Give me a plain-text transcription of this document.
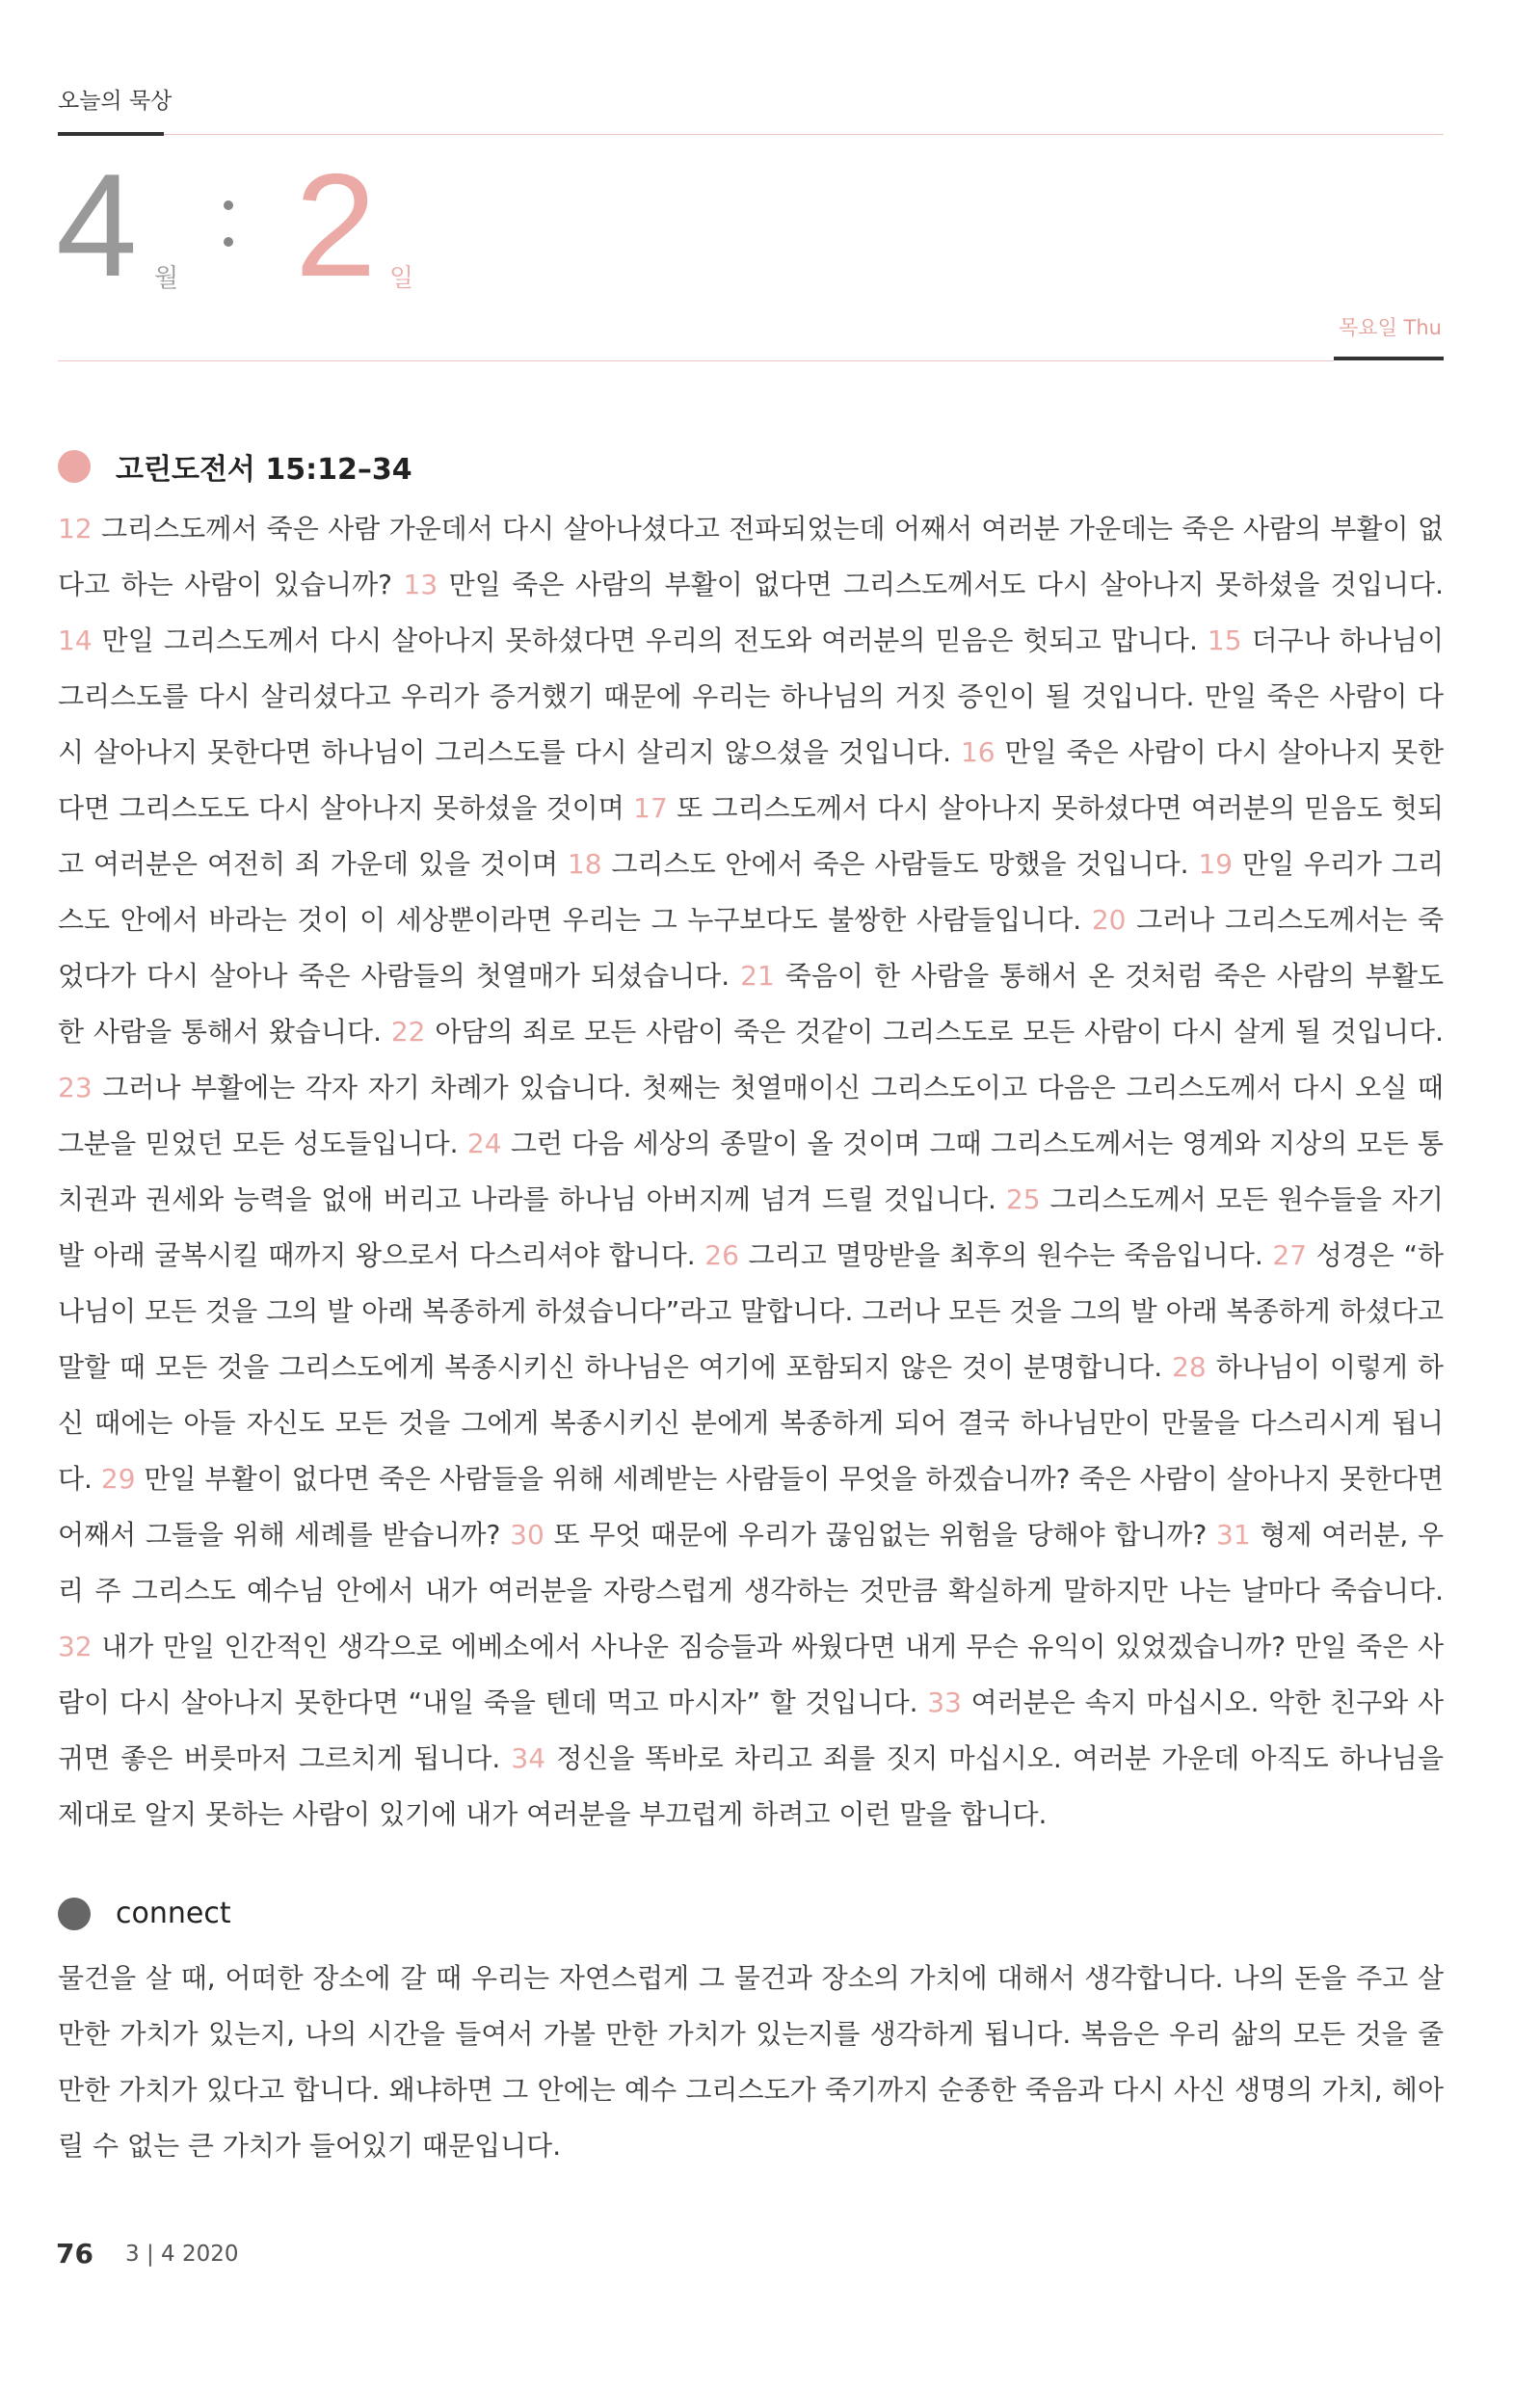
오늘의 묵상
4 월 2 일
목요일 Thu
고린도전서 15:12–34
12 그리스도께서 죽은 사람 가운데서 다시 살아나셨다고 전파되었는데 어째서 여러분 가운데는 죽은 사람의 부활이 없다고 하는 사람이 있습니까? 13 만일 죽은 사람의 부활이 없다면 그리스도께서도 다시 살아나지 못하셨을 것입니다. 14 만일 그리스도께서 다시 살아나지 못하셨다면 우리의 전도와 여러분의 믿음은 헛되고 맙니다. 15 더구나 하나님이 그리스도를 다시 살리셨다고 우리가 증거했기 때문에 우리는 하나님의 거짓 증인이 될 것입니다. 만일 죽은 사람이 다시 살아나지 못한다면 하나님이 그리스도를 다시 살리지 않으셨을 것입니다. 16 만일 죽은 사람이 다시 살아나지 못한다면 그리스도도 다시 살아나지 못하셨을 것이며 17 또 그리스도께서 다시 살아나지 못하셨다면 여러분의 믿음도 헛되고 여러분은 여전히 죄 가운데 있을 것이며 18 그리스도 안에서 죽은 사람들도 망했을 것입니다. 19 만일 우리가 그리스도 안에서 바라는 것이 이 세상뿐이라면 우리는 그 누구보다도 불쌍한 사람들입니다. 20 그러나 그리스도께서는 죽었다가 다시 살아나 죽은 사람들의 첫열매가 되셨습니다. 21 죽음이 한 사람을 통해서 온 것처럼 죽은 사람의 부활도 한 사람을 통해서 왔습니다. 22 아담의 죄로 모든 사람이 죽은 것같이 그리스도로 모든 사람이 다시 살게 될 것입니다. 23 그러나 부활에는 각자 자기 차례가 있습니다. 첫째는 첫열매이신 그리스도이고 다음은 그리스도께서 다시 오실 때 그분을 믿었던 모든 성도들입니다. 24 그런 다음 세상의 종말이 올 것이며 그때 그리스도께서는 영계와 지상의 모든 통치권과 권세와 능력을 없애 버리고 나라를 하나님 아버지께 넘겨 드릴 것입니다. 25 그리스도께서 모든 원수들을 자기 발 아래 굴복시킬 때까지 왕으로서 다스리셔야 합니다. 26 그리고 멸망받을 최후의 원수는 죽음입니다. 27 성경은 “하나님이 모든 것을 그의 발 아래 복종하게 하셨습니다”라고 말합니다. 그러나 모든 것을 그의 발 아래 복종하게 하셨다고 말할 때 모든 것을 그리스도에게 복종시키신 하나님은 여기에 포함되지 않은 것이 분명합니다. 28 하나님이 이렇게 하신 때에는 아들 자신도 모든 것을 그에게 복종시키신 분에게 복종하게 되어 결국 하나님만이 만물을 다스리시게 됩니다. 29 만일 부활이 없다면 죽은 사람들을 위해 세례받는 사람들이 무엇을 하겠습니까? 죽은 사람이 살아나지 못한다면 어째서 그들을 위해 세례를 받습니까? 30 또 무엇 때문에 우리가 끊임없는 위험을 당해야 합니까? 31 형제 여러분, 우리 주 그리스도 예수님 안에서 내가 여러분을 자랑스럽게 생각하는 것만큼 확실하게 말하지만 나는 날마다 죽습니다. 32 내가 만일 인간적인 생각으로 에베소에서 사나운 짐승들과 싸웠다면 내게 무슨 유익이 있었겠습니까? 만일 죽은 사람이 다시 살아나지 못한다면 “내일 죽을 텐데 먹고 마시자” 할 것입니다. 33 여러분은 속지 마십시오. 악한 친구와 사귀면 좋은 버릇마저 그르치게 됩니다. 34 정신을 똑바로 차리고 죄를 짓지 마십시오. 여러분 가운데 아직도 하나님을 제대로 알지 못하는 사람이 있기에 내가 여러분을 부끄럽게 하려고 이런 말을 합니다.
connect
물건을 살 때, 어떠한 장소에 갈 때 우리는 자연스럽게 그 물건과 장소의 가치에 대해서 생각합니다. 나의 돈을 주고 살만한 가치가 있는지, 나의 시간을 들여서 가볼 만한 가치가 있는지를 생각하게 됩니다. 복음은 우리 삶의 모든 것을 줄 만한 가치가 있다고 합니다. 왜냐하면 그 안에는 예수 그리스도가 죽기까지 순종한 죽음과 다시 사신 생명의 가치, 헤아릴 수 없는 큰 가치가 들어있기 때문입니다.
76 3 | 4 2020
